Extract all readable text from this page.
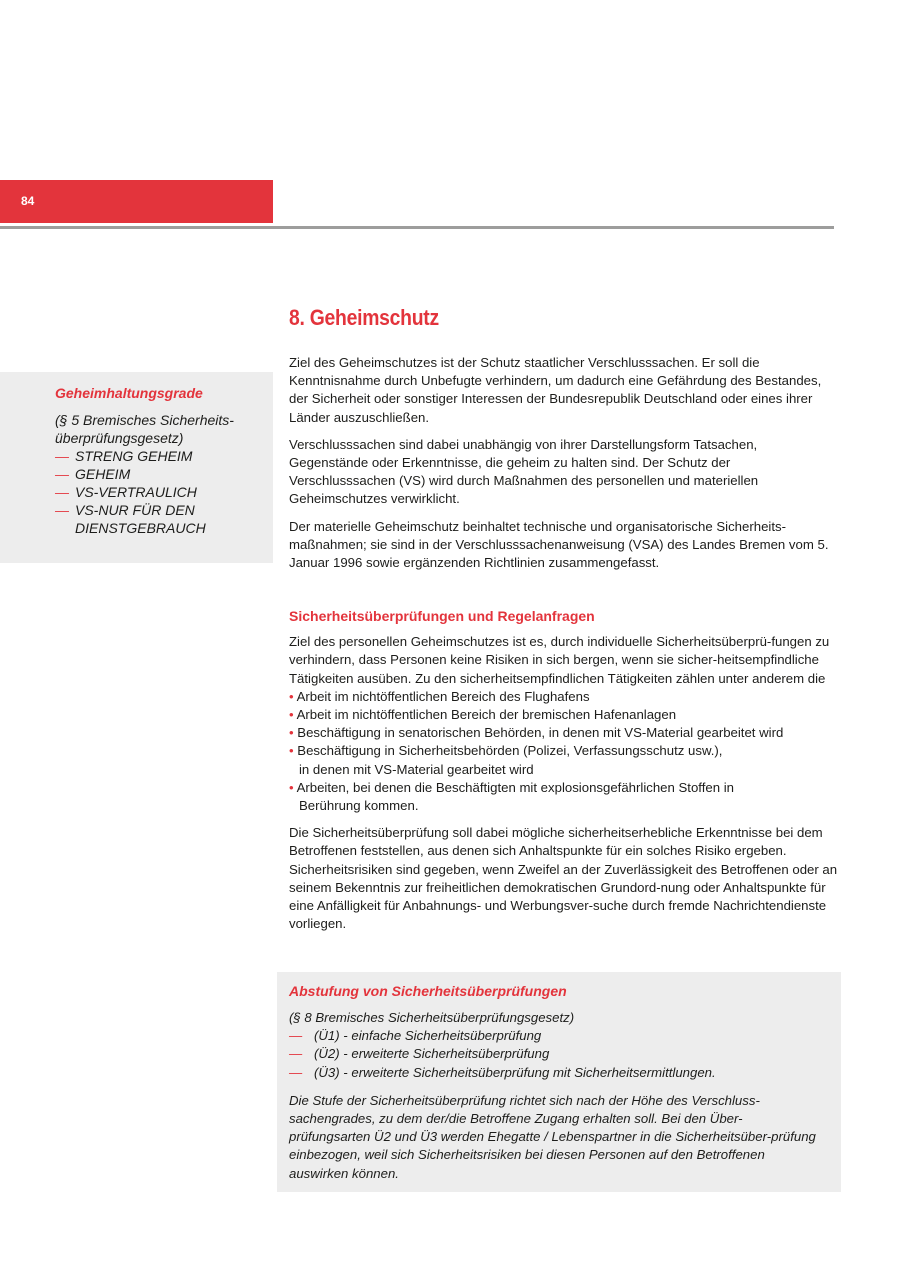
84
Geheimhaltungsgrade
(§ 5 Bremisches Sicherheits-
überprüfungsgesetz)
— STRENG GEHEIM
— GEHEIM
— VS-VERTRAULICH
— VS-NUR FÜR DEN
DIENSTGEBRAUCH
8. Geheimschutz

Ziel des Geheimschutzes ist der Schutz staatlicher Verschlusssachen. Er soll die Kenntnisnahme durch Unbefugte verhindern, um dadurch eine Gefährdung des Bestandes, der Sicherheit oder sonstiger Interessen der Bundesrepublik Deutschland oder eines ihrer Länder auszuschließen.

Verschlusssachen sind dabei unabhängig von ihrer Darstellungsform Tatsachen, Gegenstände oder Erkenntnisse, die geheim zu halten sind. Der Schutz der Verschlusssachen (VS) wird durch Maßnahmen des personellen und materiellen Geheimschutzes verwirklicht.

Der materielle Geheimschutz beinhaltet technische und organisatorische Sicherheits-maßnahmen; sie sind in der Verschlusssachenanweisung (VSA) des Landes Bremen vom 5. Januar 1996 sowie ergänzenden Richtlinien zusammengefasst.

Sicherheitsüberprüfungen und Regelanfragen

Ziel des personellen Geheimschutzes ist es, durch individuelle Sicherheitsüberprü-fungen zu verhindern, dass Personen keine Risiken in sich bergen, wenn sie sicher-heitsempfindliche Tätigkeiten ausüben. Zu den sicherheitsempfindlichen Tätigkeiten zählen unter anderem die

• Arbeit im nichtöffentlichen Bereich des Flughafens
• Arbeit im nichtöffentlichen Bereich der bremischen Hafenanlagen
• Beschäftigung in senatorischen Behörden, in denen mit VS-Material gearbeitet wird
• Beschäftigung in Sicherheitsbehörden (Polizei, Verfassungsschutz usw.),
in denen mit VS-Material gearbeitet wird
• Arbeiten, bei denen die Beschäftigten mit explosionsgefährlichen Stoffen in
Berührung kommen.

Die Sicherheitsüberprüfung soll dabei mögliche sicherheitserhebliche Erkenntnisse bei dem Betroffenen feststellen, aus denen sich Anhaltspunkte für ein solches Risiko ergeben. Sicherheitsrisiken sind gegeben, wenn Zweifel an der Zuverlässigkeit des Betroffenen oder an seinem Bekenntnis zur freiheitlichen demokratischen Grundord-nung oder Anhaltspunkte für eine Anfälligkeit für Anbahnungs- und Werbungsver-suche durch fremde Nachrichtendienste vorliegen.

Abstufung von Sicherheitsüberprüfungen
(§ 8 Bremisches Sicherheitsüberprüfungsgesetz)
— (Ü1) - einfache Sicherheitsüberprüfung
— (Ü2) - erweiterte Sicherheitsüberprüfung
— (Ü3) - erweiterte Sicherheitsüberprüfung mit Sicherheitsermittlungen.
Die Stufe der Sicherheitsüberprüfung richtet sich nach der Höhe des Verschluss-sachengrades, zu dem der/die Betroffene Zugang erhalten soll. Bei den Über-prüfungsarten Ü2 und Ü3 werden Ehegatte / Lebenspartner in die Sicherheitsüber-prüfung einbezogen, weil sich Sicherheitsrisiken bei diesen Personen auf den Betroffenen auswirken können.
